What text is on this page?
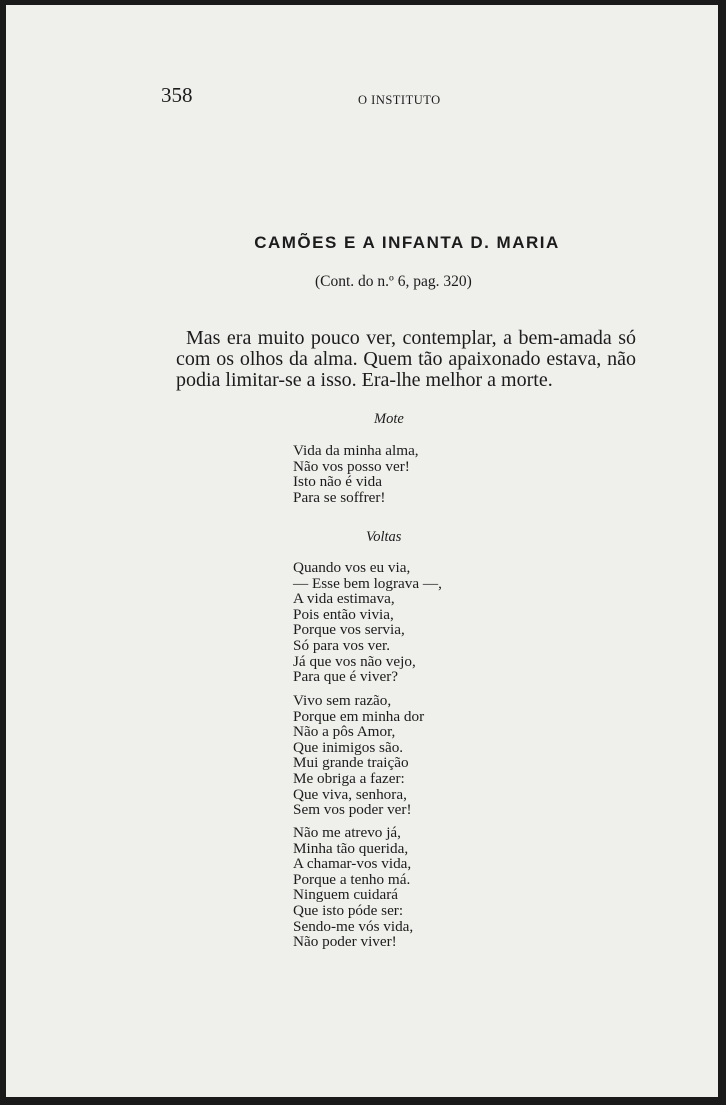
358	O INSTITUTO
CAMÕES E A INFANTA D. MARIA
(Cont. do n.º 6, pag. 320)
Mas era muito pouco ver, contemplar, a bem-amada só com os olhos da alma. Quem tão apaixonado estava, não podia limitar-se a isso. Era-lhe melhor a morte.
Mote
Vida da minha alma,
Não vos posso ver!
Isto não é vida
Para se soffrer!
Voltas
Quando vos eu via,
— Esse bem lograva —,
A vida estimava,
Pois então vivia,
Porque vos servia,
Só para vos ver.
Já que vos não vejo,
Para que é viver?
Vivo sem razão,
Porque em minha dor
Não a pôs Amor,
Que inimigos são.
Mui grande traição
Me obriga a fazer:
Que viva, senhora,
Sem vos poder ver!
Não me atrevo já,
Minha tão querida,
A chamar-vos vida,
Porque a tenho má.
Ninguem cuidará
Que isto póde ser:
Sendo-me vós vida,
Não poder viver!
